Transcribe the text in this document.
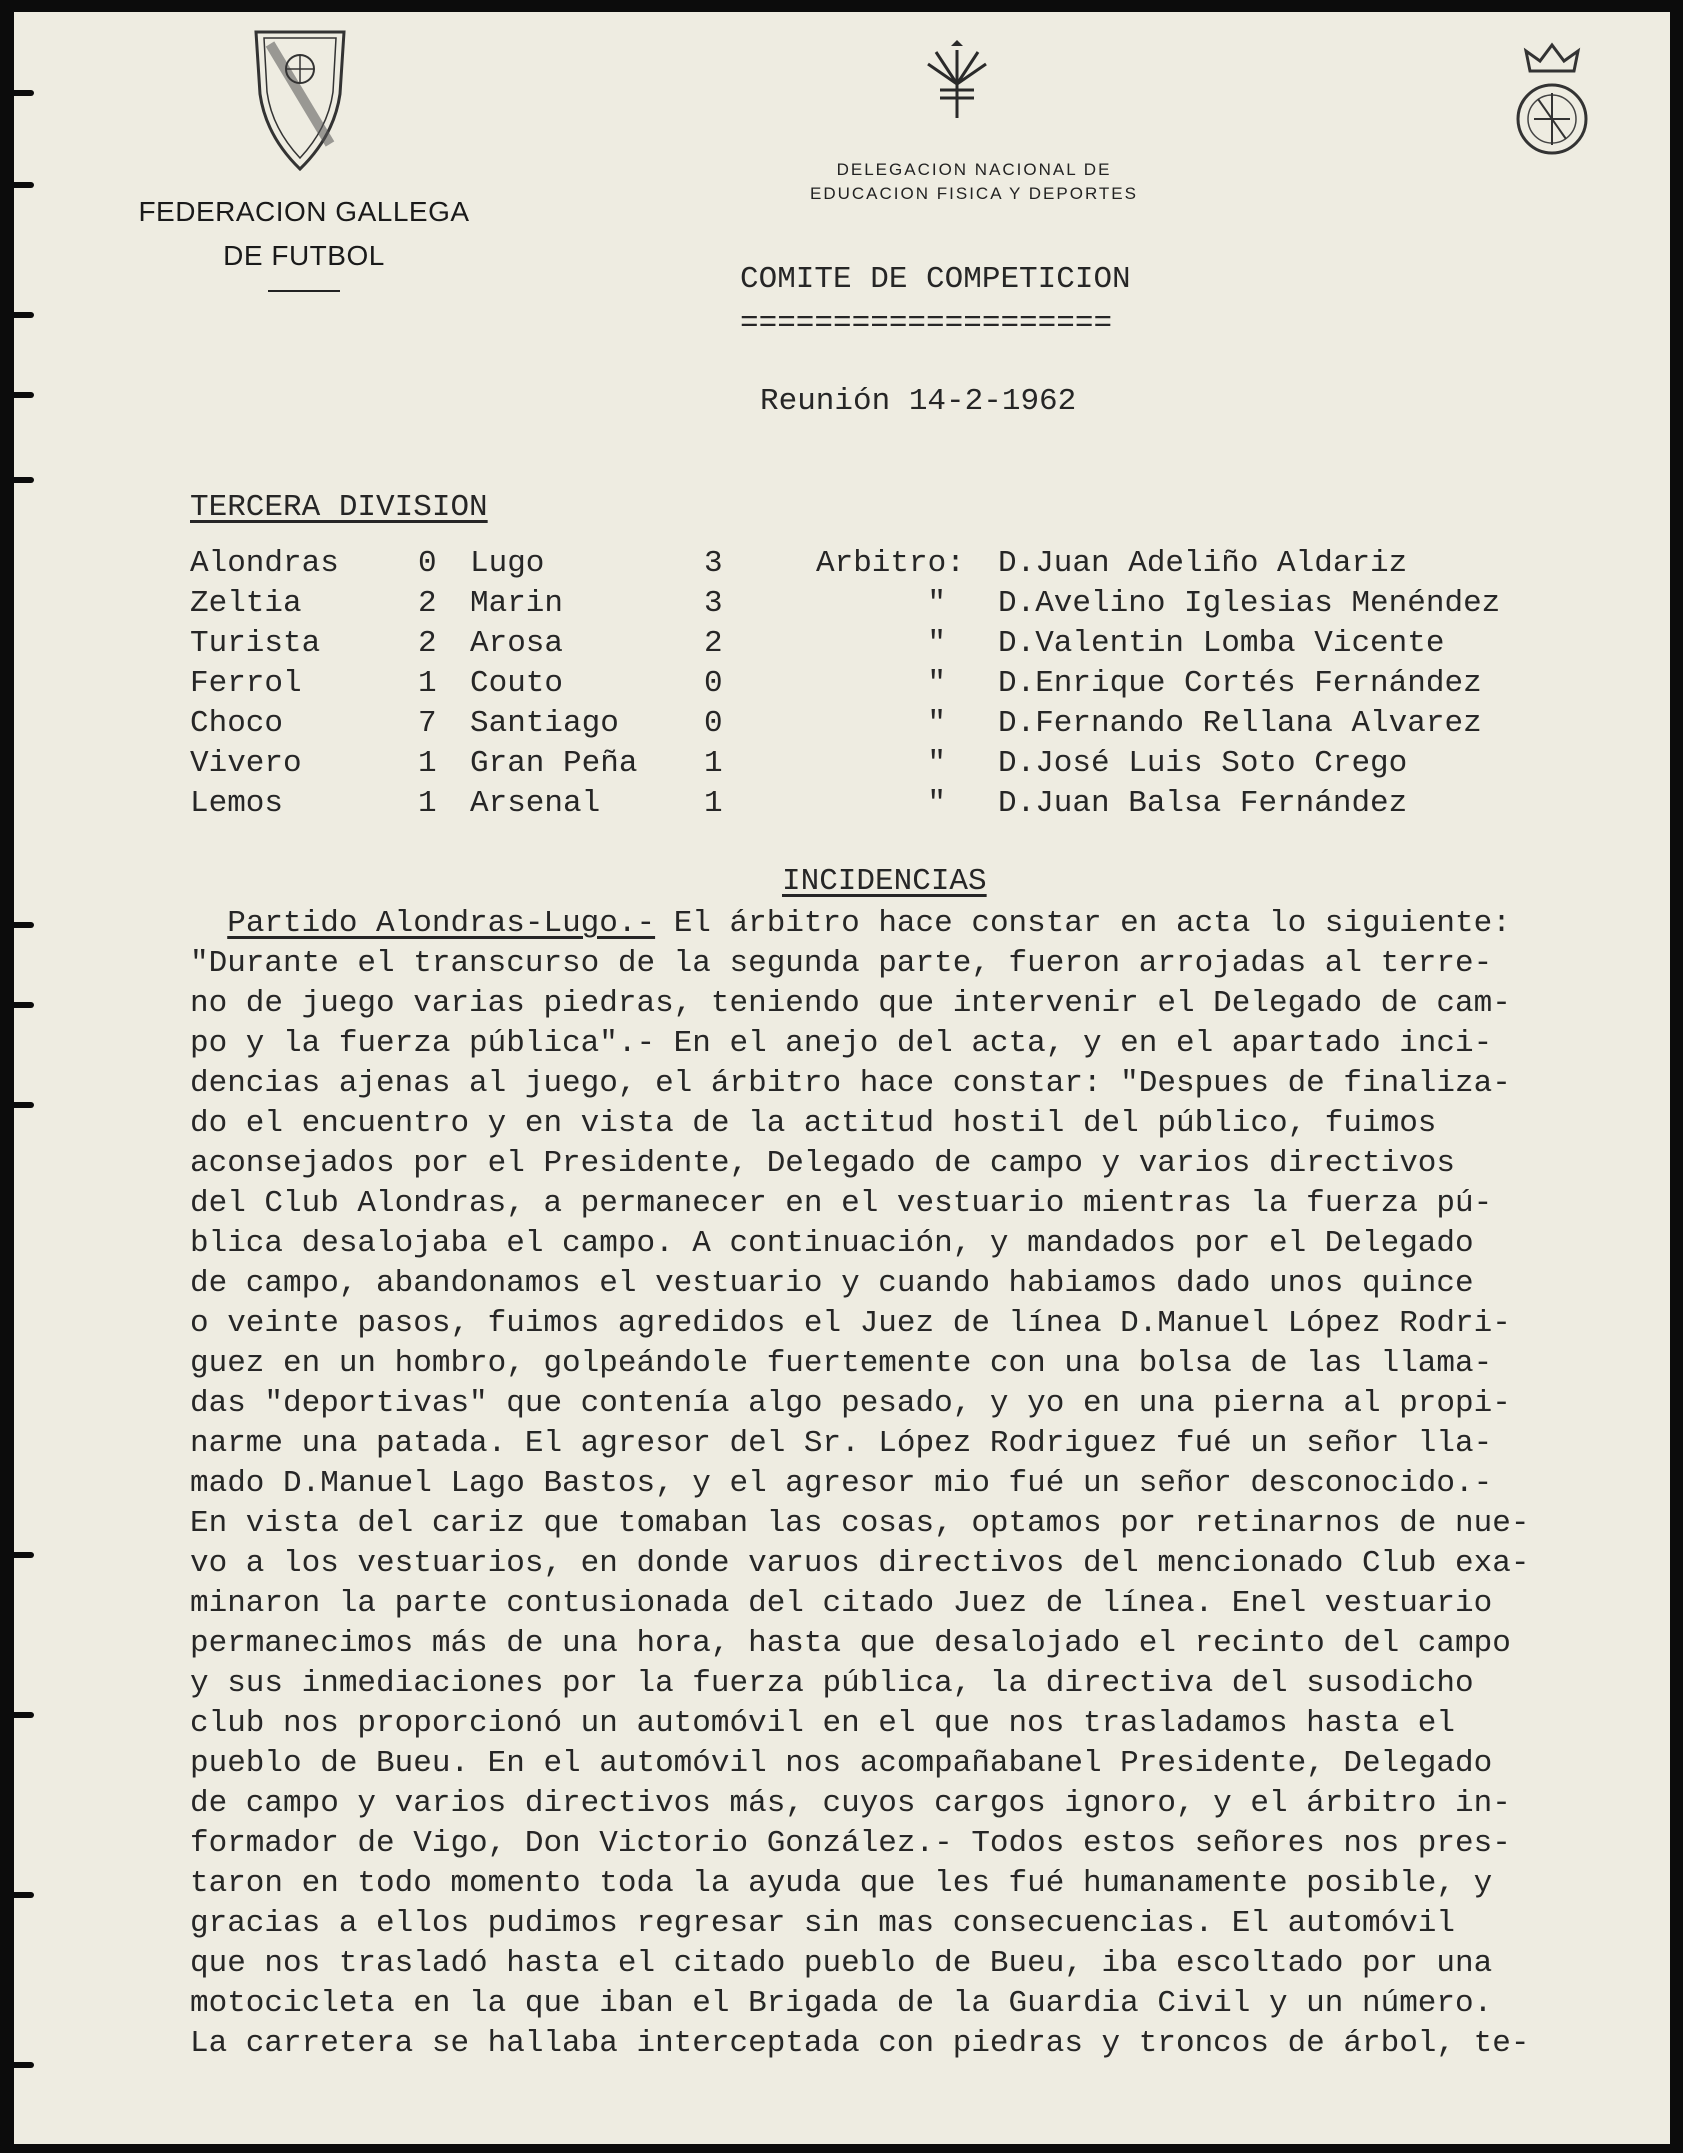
FEDERACION GALLEGA
DE FUTBOL
DELEGACION NACIONAL DE
EDUCACION FISICA Y DEPORTES
COMITE DE COMPETICION
====================
Reunión 14-2-1962
TERCERA DIVISION
Alondras	0 Lugo	3	Arbitro: D.Juan Adeliño Aldariz
Zeltia	2 Marin	3	" D.Avelino Iglesias Menéndez
Turista	2 Arosa	2	" D.Valentin Lomba Vicente
Ferrol	1 Couto	0	" D.Enrique Cortés Fernández
Choco	7 Santiago	0	" D.Fernando Rellana Alvarez
Vivero	1 Gran Peña 1	" D.José Luis Soto Crego
Lemos	1 Arsenal	1	" D.Juan Balsa Fernández
INCIDENCIAS
Partido Alondras-Lugo.- El árbitro hace constar en acta lo siguiente:
"Durante el transcurso de la segunda parte, fueron arrojadas al terre-
no de juego varias piedras, teniendo que intervenir el Delegado de cam-
po y la fuerza pública".- En el anejo del acta, y en el apartado inci-
dencias ajenas al juego, el árbitro hace constar: "Despues de finaliza-
do el encuentro y en vista de la actitud hostil del público, fuimos
aconsejados por el Presidente, Delegado de campo y varios directivos
del Club Alondras, a permanecer en el vestuario mientras la fuerza pú-
blica desalojaba el campo. A continuación, y mandados por el Delegado
de campo, abandonamos el vestuario y cuando habiamos dado unos quince
o veinte pasos, fuimos agredidos el Juez de línea D.Manuel López Rodri-
guez en un hombro, golpeándole fuertemente con una bolsa de las llama-
das "deportivas" que contenía algo pesado, y yo en una pierna al propi-
narme una patada. El agresor del Sr. López Rodriguez fué un señor lla-
mado D.Manuel Lago Bastos, y el agresor mio fué un señor desconocido.-
En vista del cariz que tomaban las cosas, optamos por retinarnos de nue-
vo a los vestuarios, en donde varuos directivos del mencionado Club exa-
minaron la parte contusionada del citado Juez de línea. Enel vestuario
permanecimos más de una hora, hasta que desalojado el recinto del campo
y sus inmediaciones por la fuerza pública, la directiva del susodicho
club nos proporcionó un automóvil en el que nos trasladamos hasta el
pueblo de Bueu. En el automóvil nos acompañabanel Presidente, Delegado
de campo y varios directivos más, cuyos cargos ignoro, y el árbitro in-
formador de Vigo, Don Victorio González.- Todos estos señores nos pres-
taron en todo momento toda la ayuda que les fué humanamente posible, y
gracias a ellos pudimos regresar sin mas consecuencias. El automóvil
que nos trasladó hasta el citado pueblo de Bueu, iba escoltado por una
motocicleta en la que iban el Brigada de la Guardia Civil y un número.
La carretera se hallaba interceptada con piedras y troncos de árbol, te-
